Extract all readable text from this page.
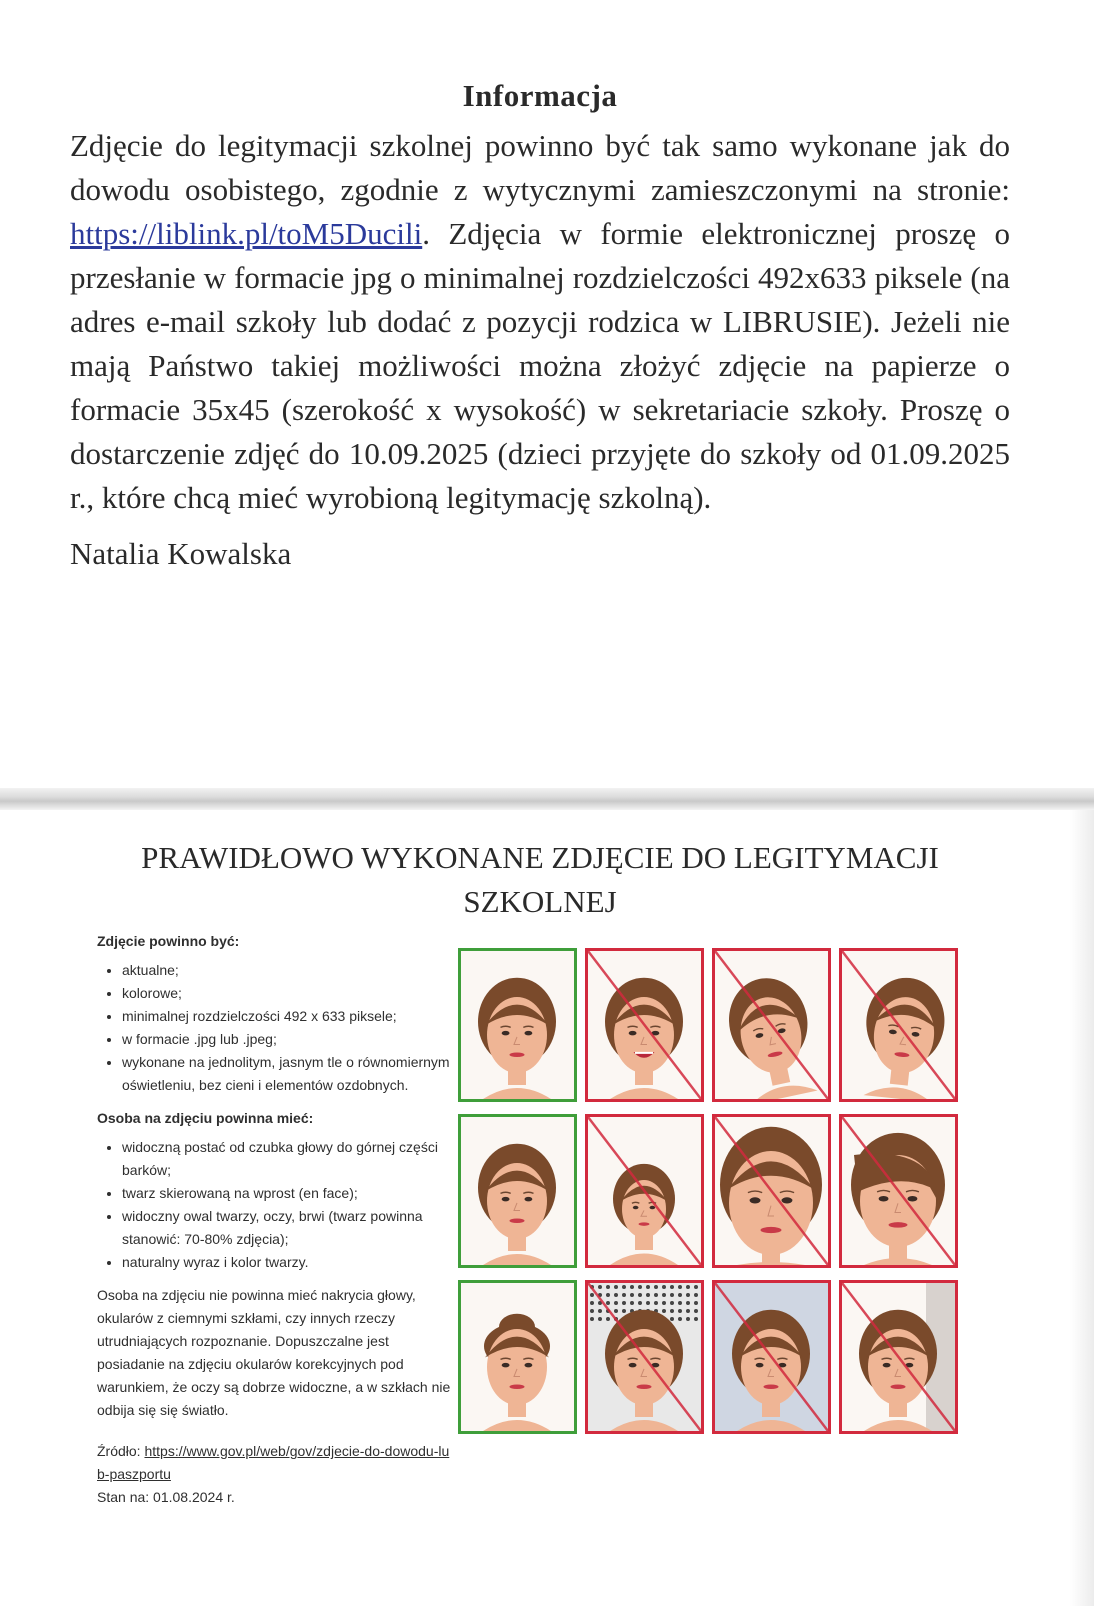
Informacja

Zdjęcie do legitymacji szkolnej powinno być tak samo wykonane jak do dowodu osobistego, zgodnie z wytycznymi zamieszczonymi na stronie: https://liblink.pl/toM5Ducili. Zdjęcia w formie elektronicznej proszę o przesłanie w formacie jpg o minimalnej rozdzielczości 492x633 piksele (na adres e-mail szkoły lub dodać z pozycji rodzica w LIBRUSIE). Jeżeli nie mają Państwo takiej możliwości można złożyć zdjęcie na papierze o formacie 35x45 (szerokość x wysokość) w sekretariacie szkoły. Proszę o dostarczenie zdjęć do 10.09.2025 (dzieci przyjęte do szkoły od 01.09.2025 r., które chcą mieć wyrobioną legitymację szkolną).

Natalia Kowalska
PRAWIDŁOWO WYKONANE ZDJĘCIE DO LEGITYMACJI
SZKOLNEJ
Zdjęcie powinno być:
• aktualne;
• kolorowe;
• minimalnej rozdzielczości 492 x 633 piksele;
• w formacie .jpg lub .jpeg;
• wykonane na jednolitym, jasnym tle o równomiernym oświetleniu, bez cieni i elementów ozdobnych.
Osoba na zdjęciu powinna mieć:
• widoczną postać od czubka głowy do górnej części barków;
• twarz skierowaną na wprost (en face);
• widoczny owal twarzy, oczy, brwi (twarz powinna stanowić: 70-80% zdjęcia);
• naturalny wyraz i kolor twarzy.

Osoba na zdjęciu nie powinna mieć nakrycia głowy, okularów z ciemnymi szkłami, czy innych rzeczy utrudniających rozpoznanie. Dopuszczalne jest posiadanie na zdjęciu okularów korekcyjnych pod warunkiem, że oczy są dobrze widoczne, a w szkłach nie odbija się się światło.

Źródło: https://www.gov.pl/web/gov/zdjecie-do-dowodu-lub-paszportu
Stan na: 01.08.2024 r.
